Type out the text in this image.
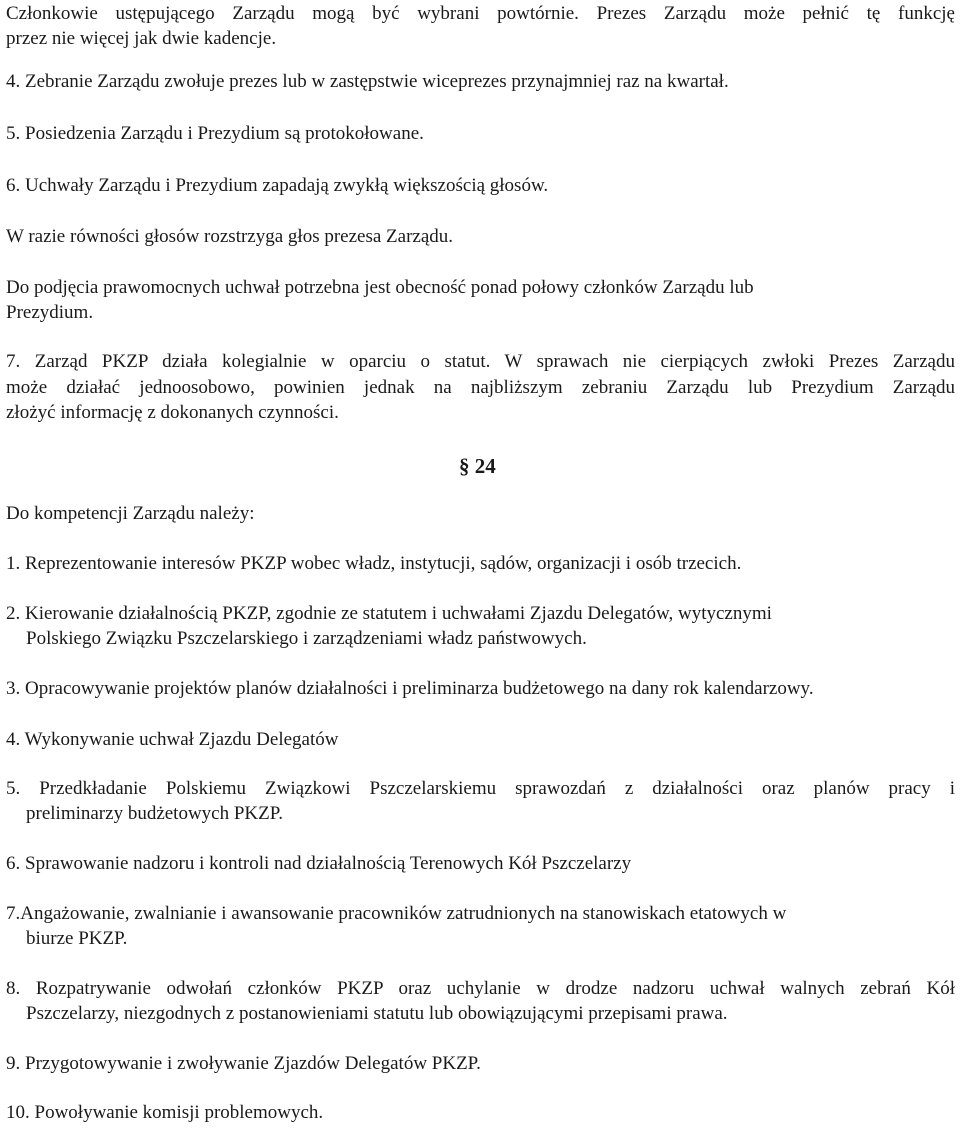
Członkowie ustępującego Zarządu mogą być wybrani powtórnie. Prezes Zarządu może pełnić tę funkcję
przez nie więcej jak dwie kadencje.
4. Zebranie Zarządu zwołuje prezes lub w zastępstwie wiceprezes przynajmniej raz na kwartał.
5. Posiedzenia Zarządu i Prezydium są protokołowane.
6. Uchwały Zarządu i Prezydium zapadają zwykłą większością głosów.
W razie równości głosów rozstrzyga głos prezesa Zarządu.
Do podjęcia prawomocnych uchwał potrzebna jest obecność ponad połowy członków Zarządu lub
Prezydium.
7. Zarząd PKZP działa kolegialnie w oparciu o statut. W sprawach nie cierpiących zwłoki Prezes Zarządu
może działać jednoosobowo, powinien jednak na najbliższym zebraniu Zarządu lub Prezydium Zarządu
złożyć informację z dokonanych czynności.
§ 24
Do kompetencji Zarządu należy:
1. Reprezentowanie interesów PKZP wobec władz, instytucji, sądów, organizacji i osób trzecich.
2. Kierowanie działalnością PKZP, zgodnie ze statutem i uchwałami Zjazdu Delegatów, wytycznymi
Polskiego Związku Pszczelarskiego i zarządzeniami władz państwowych.
3. Opracowywanie projektów planów działalności i preliminarza budżetowego na dany rok kalendarzowy.
4. Wykonywanie uchwał Zjazdu Delegatów
5. Przedkładanie Polskiemu Związkowi Pszczelarskiemu sprawozdań z działalności oraz planów pracy i
preliminarzy budżetowych PKZP.
6. Sprawowanie nadzoru i kontroli nad działalnością Terenowych Kół Pszczelarzy
7.Angażowanie, zwalnianie i awansowanie pracowników zatrudnionych na stanowiskach etatowych w
biurze PKZP.
8. Rozpatrywanie odwołań członków PKZP oraz uchylanie w drodze nadzoru uchwał walnych zebrań Kół
Pszczelarzy, niezgodnych z postanowieniami statutu lub obowiązującymi przepisami prawa.
9. Przygotowywanie i zwoływanie Zjazdów Delegatów PKZP.
10. Powoływanie komisji problemowych.
